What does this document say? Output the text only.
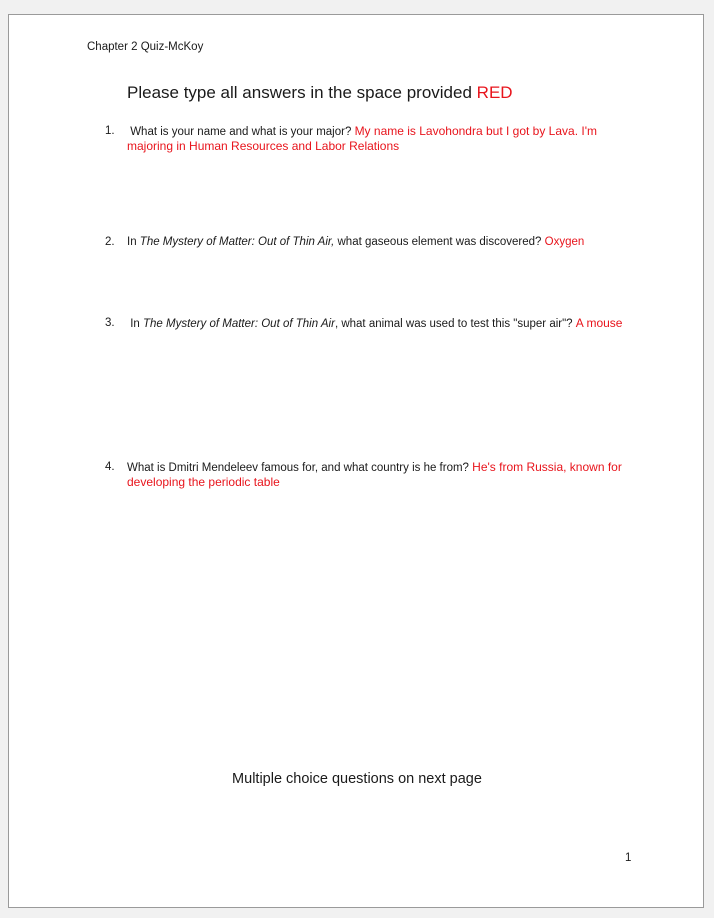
Chapter 2 Quiz-McKoy
Please type all answers in the space provided RED
1. What is your name and what is your major? My name is Lavohondra but I got by Lava. I'm majoring in Human Resources and Labor Relations
2. In The Mystery of Matter: Out of Thin Air, what gaseous element was discovered? Oxygen
3. In The Mystery of Matter: Out of Thin Air, what animal was used to test this "super air"? A mouse
4. What is Dmitri Mendeleev famous for, and what country is he from? He's from Russia, known for developing the periodic table
Multiple choice questions on next page
1
